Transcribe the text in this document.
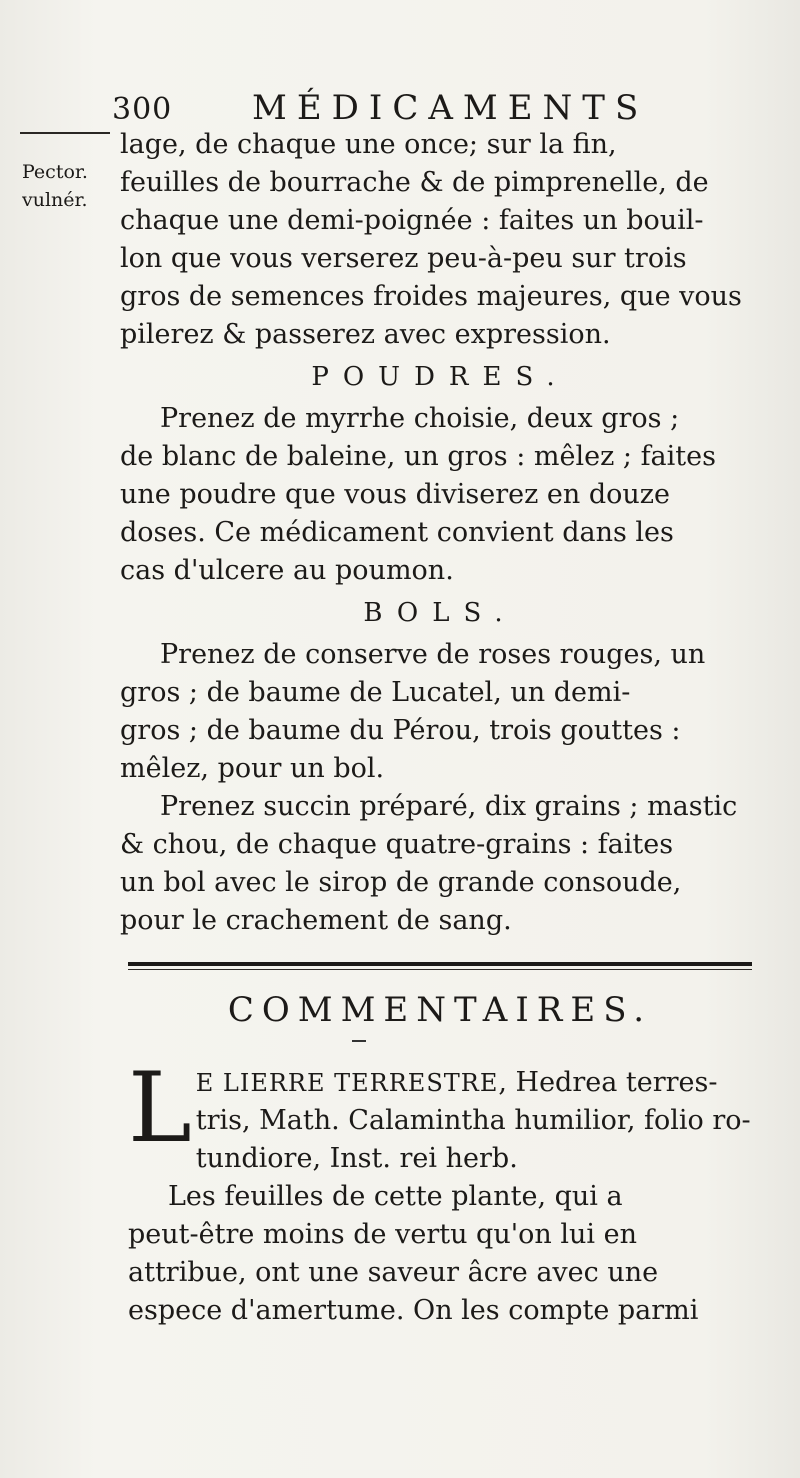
300 MÉDICAMENTS
Pector.
vulnér.
lage, de chaque une once; sur la fin,
feuilles de bourrache & de pimprenelle, de
chaque une demi-poignée : faites un bouil-
lon que vous verserez peu-à-peu sur trois
gros de semences froides majeures, que vous
pilerez & passerez avec expression.
POUDRES.
Prenez de myrrhe choisie, deux gros ;
de blanc de baleine, un gros : mêlez ; faites
une poudre que vous diviserez en douze
doses. Ce médicament convient dans les
cas d'ulcere au poumon.
BOLS.
Prenez de conserve de roses rouges, un
gros ; de baume de Lucatel, un demi-
gros ; de baume du Pérou, trois gouttes :
mêlez, pour un bol.
Prenez succin préparé, dix grains ; mastic
& chou, de chaque quatre-grains : faites
un bol avec le sirop de grande consoude,
pour le crachement de sang.
COMMENTAIRES.
L E LIERRE TERRESTRE, Hedrea terres-
tris, Math. Calamintha humilior, folio ro-
tundiore, Inst. rei herb.
Les feuilles de cette plante, qui a
peut-être moins de vertu qu'on lui en
attribue, ont une saveur âcre avec une
espece d'amertume. On les compte parmi
